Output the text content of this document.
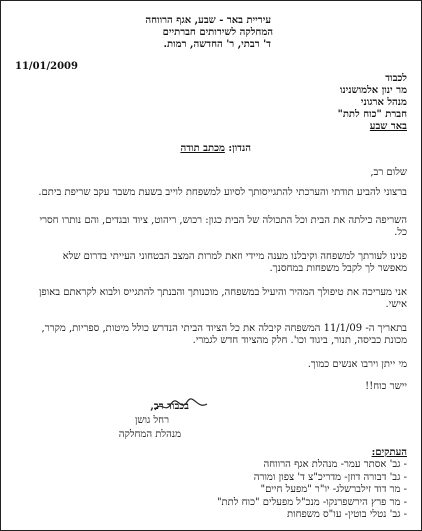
עיריית באר - שבע, אגף הרווחה
המחלקה לשירותים חברתיים
ד' רבתי, ר' החדשה, רמות.
11/01/2009
לכבוד
מר ינון אלמושנינו
מנהל ארגוני
חברת "כוח לתת"
באר שבע
הנדון: מכתב תודה
שלום רב,
ברצוני להביע תודתי והערכתי להתגייסותך לסיוע למשפחת לוייב בשעת משבר עקב שריפת ביתם.
השריפה כילתה את הבית וכל התכולה של הבית כגון: רכוש, ריהוט, ציוד ובגדים, והם נותרו חסרי כל.
פנינו לעורתך למשפחה וקיבלנו מענה מיידי וזאת למרות המצב הבטחוני העייתי בדרום שלא מאפשר לך לקבל משפחות במחסנך.
אני מעריכה את טיפולך המהיר והיעיל במשפחה, מוכנותך והבנתך להתגייס ולבוא לקראתם באופן אישי.
בתאריך ה- 11/1/09 המשפחה קיבלה את כל הציוד הביתי הנדרש כולל מיטות, ספריות, מקרר, מכונת כביסה, תנור, ביגוד וכו'. חלק מהציוד חדש לגמרי.
מי ייתן וירבו אנשים כמוך.
יישר כוח!!
בכבוד רב,
רחל גושן
מנהלת המחלקה
העתקים:
- גב' אסתר עמר- מנהלת אגף הרווחה
- גב' דבורה דוזן- מדריכ"צ ד' צפון ומורה
- מר דוד זילברשלג- יו"ר "מפעל חיים"
- מר פרץ הירשפרנקו- מנכ"ל מפעלים "כוח לתת"
- גב' נטלי בוטין- עו"ס משפחות
